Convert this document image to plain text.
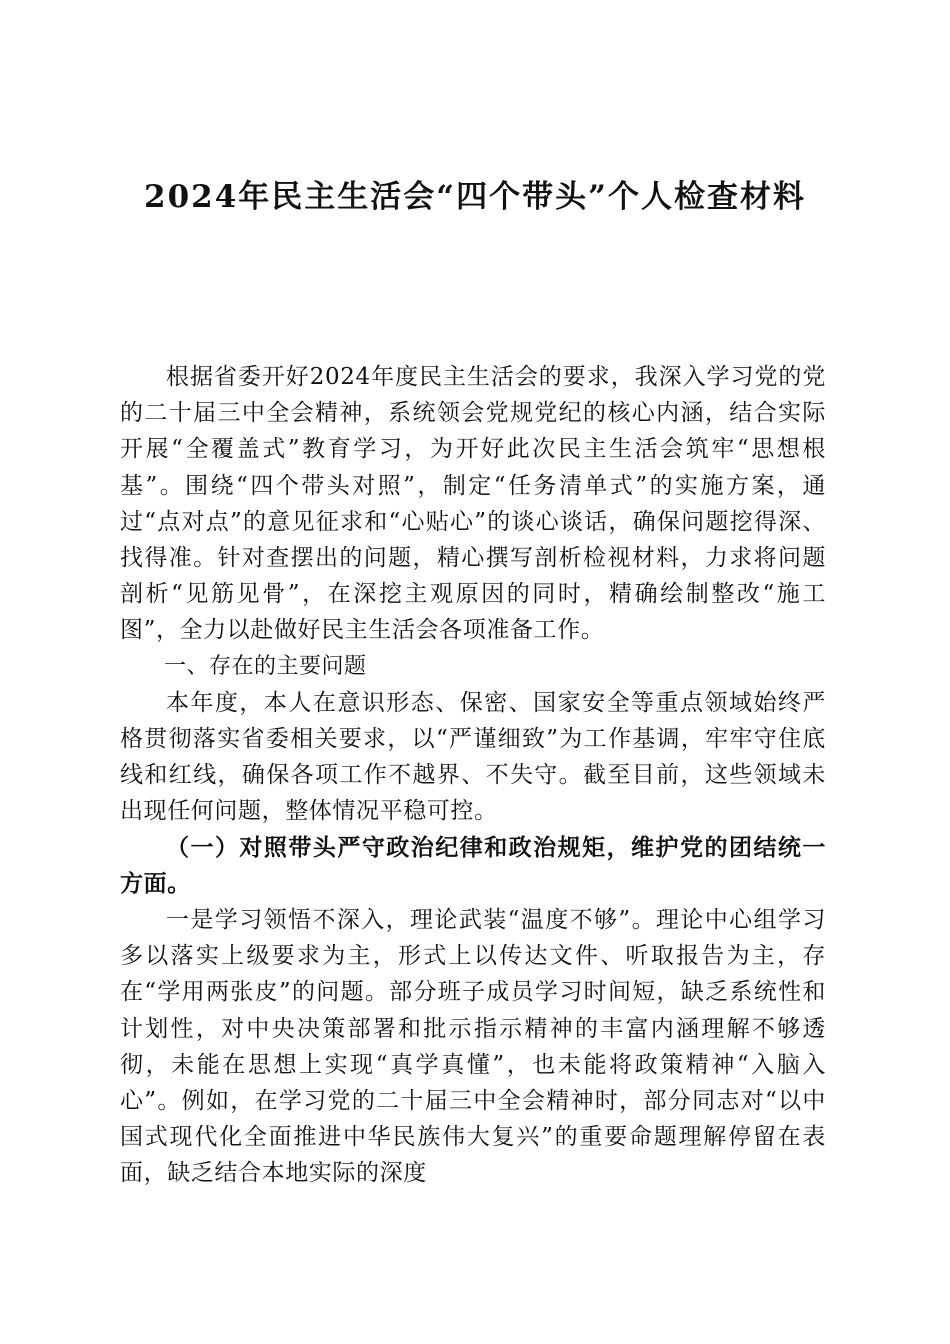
2024年民主生活会“四个带头”个人检查材料

根据省委开好2024年度民主生活会的要求，我深入学习党的党的二十届三中全会精神，系统领会党规党纪的核心内涵，结合实际开展“全覆盖式”教育学习，为开好此次民主生活会筑牢“思想根基”。围绕“四个带头对照”，制定“任务清单式”的实施方案，通过“点对点”的意见征求和“心贴心”的谈心谈话，确保问题挖得深、找得准。针对查摆出的问题，精心撰写剖析检视材料，力求将问题剖析“见筋见骨”，在深挖主观原因的同时，精确绘制整改“施工图”，全力以赴做好民主生活会各项准备工作。

一、存在的主要问题

本年度，本人在意识形态、保密、国家安全等重点领域始终严格贯彻落实省委相关要求，以“严谨细致”为工作基调，牢牢守住底线和红线，确保各项工作不越界、不失守。截至目前，这些领域未出现任何问题，整体情况平稳可控。

（一）对照带头严守政治纪律和政治规矩，维护党的团结统一方面。

一是学习领悟不深入，理论武装“温度不够”。理论中心组学习多以落实上级要求为主，形式上以传达文件、听取报告为主，存在“学用两张皮”的问题。部分班子成员学习时间短，缺乏系统性和计划性，对中央决策部署和批示指示精神的丰富内涵理解不够透彻，未能在思想上实现“真学真懂”，也未能将政策精神“入脑入心”。例如，在学习党的二十届三中全会精神时，部分同志对“以中国式现代化全面推进中华民族伟大复兴”的重要命题理解停留在表面，缺乏结合本地实际的深度
